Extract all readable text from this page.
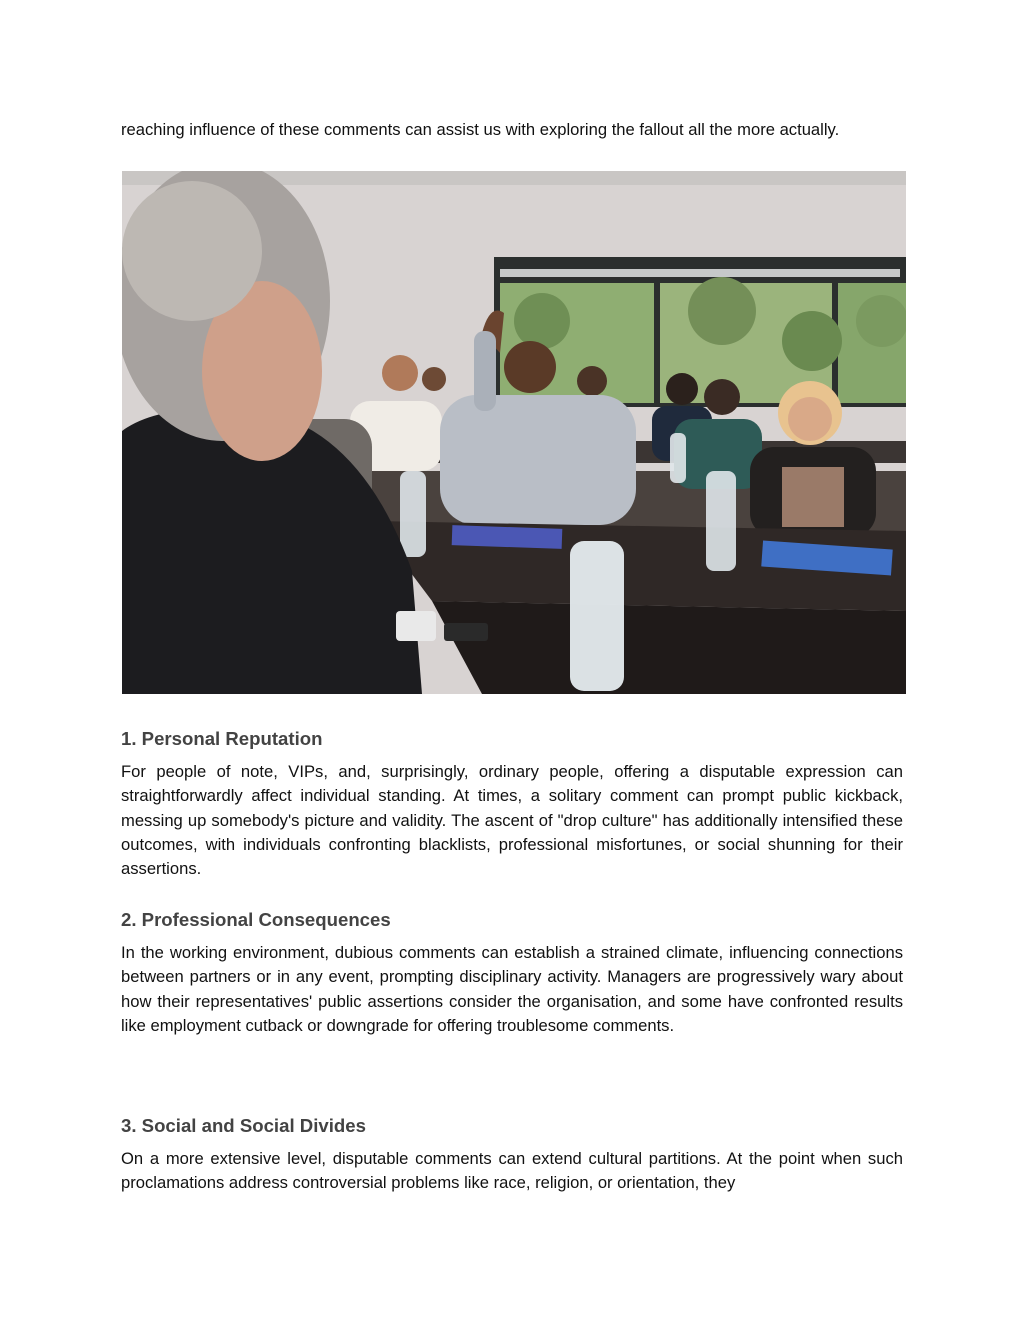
reaching influence of these comments can assist us with exploring the fallout all the more actually.

1. Personal Reputation

For people of note, VIPs, and, surprisingly, ordinary people, offering a disputable expression can straightforwardly affect individual standing. At times, a solitary comment can prompt public kickback, messing up somebody's picture and validity. The ascent of "drop culture" has additionally intensified these outcomes, with individuals confronting blacklists, professional misfortunes, or social shunning for their assertions.

2. Professional Consequences

In the working environment, dubious comments can establish a strained climate, influencing connections between partners or in any event, prompting disciplinary activity. Managers are progressively wary about how their representatives' public assertions consider the organisation, and some have confronted results like employment cutback or downgrade for offering troublesome comments.

3. Social and Social Divides

On a more extensive level, disputable comments can extend cultural partitions. At the point when such proclamations address controversial problems like race, religion, or orientation, they
